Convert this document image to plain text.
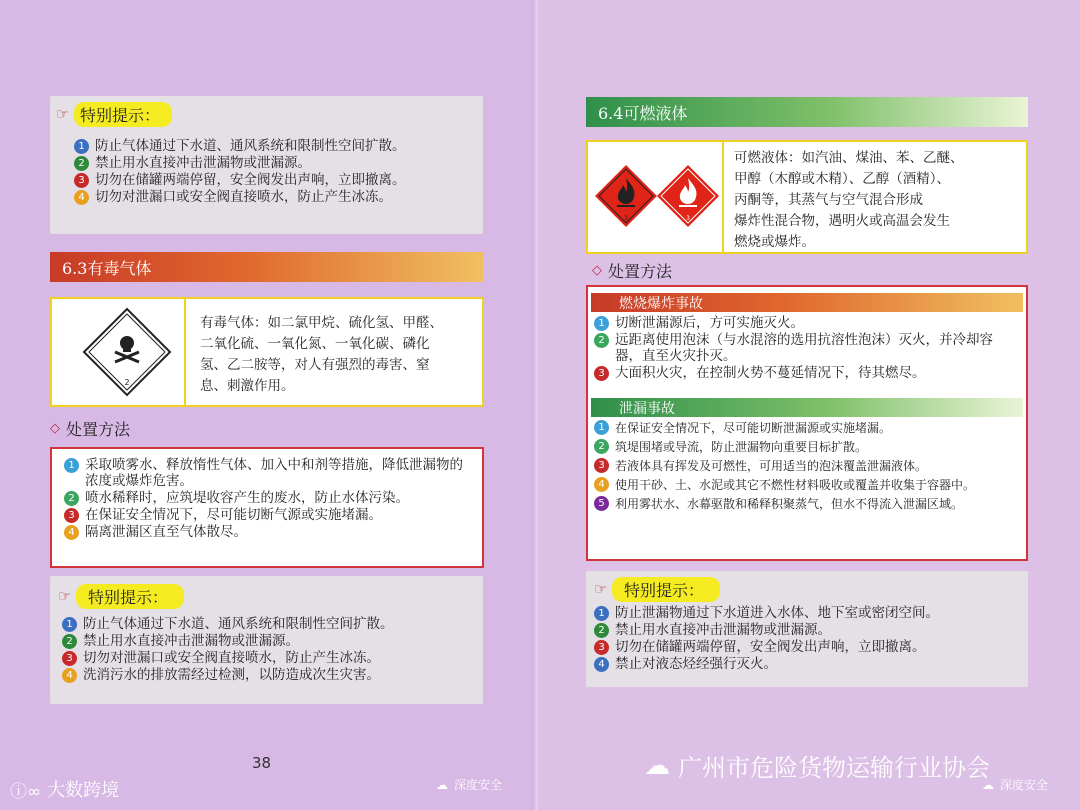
☞ 特别提示：
1 防止气体通过下水道、通风系统和限制性空间扩散。
2 禁止用水直接冲击泄漏物或泄漏源。
3 切勿在储罐两端停留，安全阀发出声响，立即撤离。
4 切勿对泄漏口或安全阀直接喷水，防止产生冰冻。
6.3有毒气体
2
有毒气体：如二氯甲烷、硫化氢、甲醛、
二氧化硫、一氧化氮、一氧化碳、磷化
氢、乙二胺等，对人有强烈的毒害、窒
息、刺激作用。
◇ 处置方法
1 采取喷雾水、释放惰性气体、加入中和剂等措施，降低泄漏物的浓度或爆炸危害。
2 喷水稀释时，应筑堤收容产生的废水，防止水体污染。
3 在保证安全情况下，尽可能切断气源或实施堵漏。
4 隔离泄漏区直至气体散尽。
☞	特别提示：
1 防止气体通过下水道、通风系统和限制性空间扩散。
2 禁止用水直接冲击泄漏物或泄漏源。
3 切勿对泄漏口或安全阀直接喷水，防止产生冰冻。
4 洗消污水的排放需经过检测，以防造成次生灾害。
38
ⓘ∞ 大数跨境	☁ 深度安全
6.4可燃液体
3	3
可燃液体：如汽油、煤油、苯、乙醚、
甲醇（木醇或木精）、乙醇（酒精）、
丙酮等，其蒸气与空气混合形成
爆炸性混合物，遇明火或高温会发生
燃烧或爆炸。
◇ 处置方法
燃烧爆炸事故
1 切断泄漏源后，方可实施灭火。
2 远距离使用泡沫（与水混溶的选用抗溶性泡沫）灭火，并冷却容器，直至火灾扑灭。
3 大面积火灾，在控制火势不蔓延情况下，待其燃尽。
泄漏事故
1 在保证安全情况下，尽可能切断泄漏源或实施堵漏。
2 筑堤围堵或导流，防止泄漏物向重要目标扩散。
3 若液体具有挥发及可燃性，可用适当的泡沫覆盖泄漏液体。
4 使用干砂、土、水泥或其它不燃性材料吸收或覆盖并收集于容器中。
5 利用雾状水、水幕驱散和稀释积聚蒸气，但水不得流入泄漏区域。
☞	特别提示：
1 防止泄漏物通过下水道进入水体、地下室或密闭空间。
2 禁止用水直接冲击泄漏物或泄漏源。
3 切勿在储罐两端停留，安全阀发出声响，立即撤离。
4 禁止对液态烃经强行灭火。
☁ 广州市危险货物运输行业协会
☁ 深度安全
